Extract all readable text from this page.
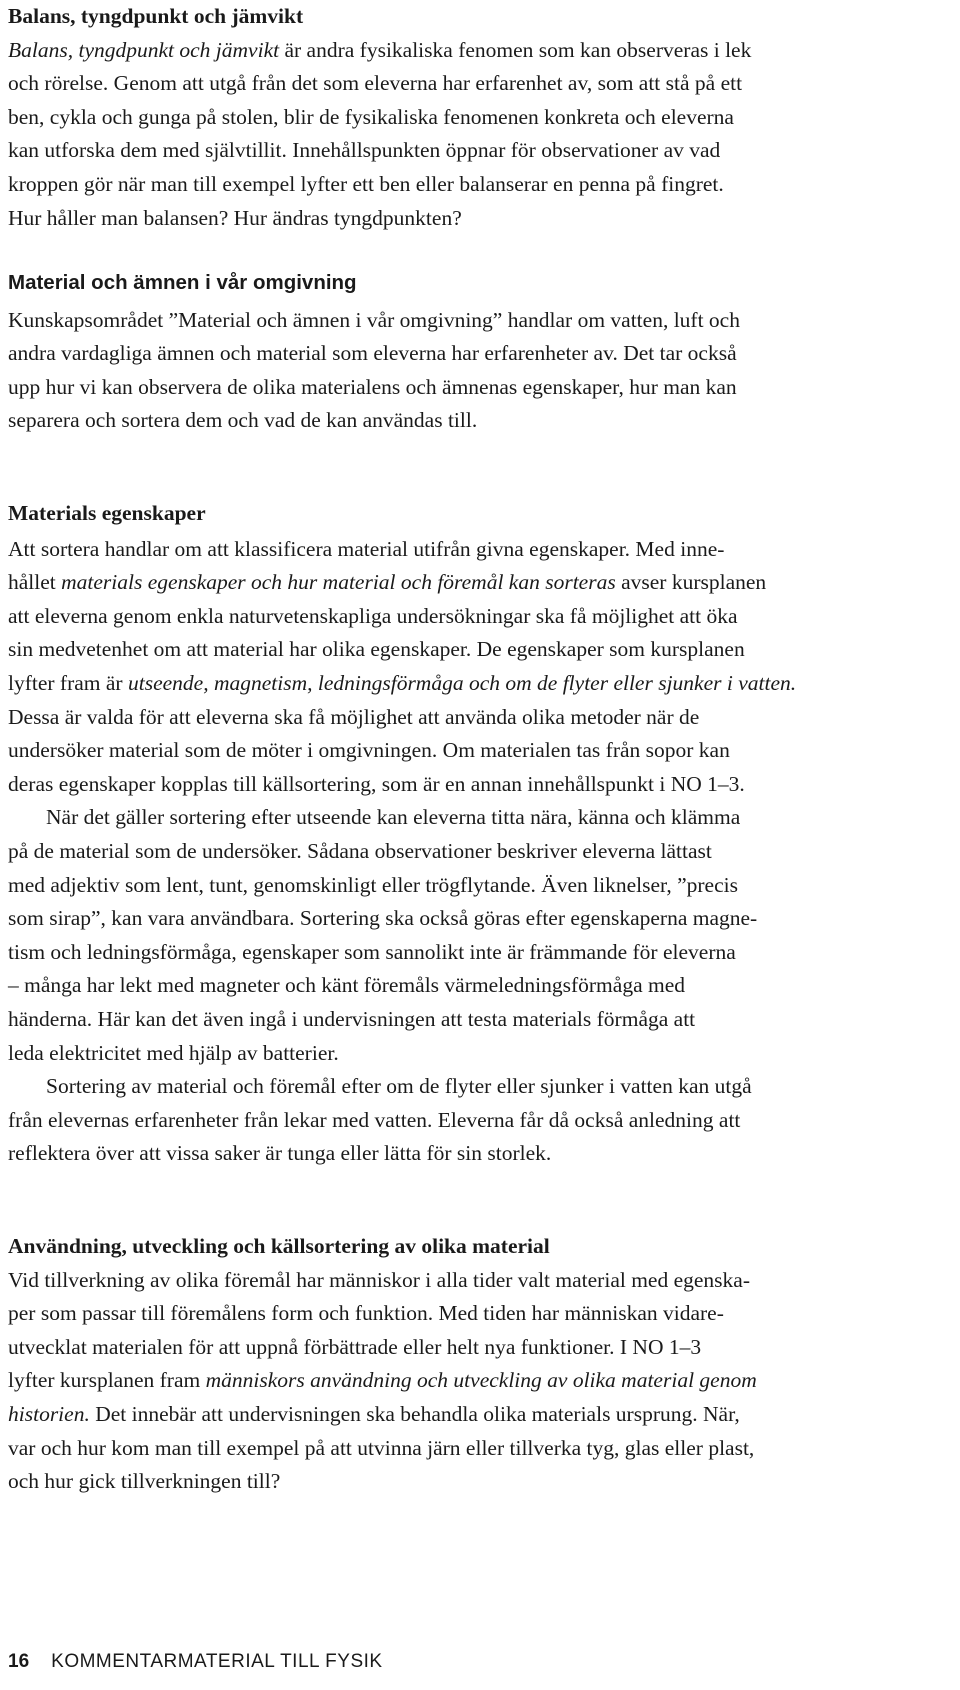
Balans, tyngdpunkt och jämvikt

Balans, tyngdpunkt och jämvikt är andra fysikaliska fenomen som kan observeras i lek
och rörelse. Genom att utgå från det som eleverna har erfarenhet av, som att stå på ett
ben, cykla och gunga på stolen, blir de fysikaliska fenomenen konkreta och eleverna
kan utforska dem med självtillit. Innehållspunkten öppnar för observationer av vad
kroppen gör när man till exempel lyfter ett ben eller balanserar en penna på fingret.
Hur håller man balansen? Hur ändras tyngdpunkten?

Material och ämnen i vår omgivning

Kunskapsområdet ”Material och ämnen i vår omgivning” handlar om vatten, luft och
andra vardagliga ämnen och material som eleverna har erfarenheter av. Det tar också
upp hur vi kan observera de olika materialens och ämnenas egenskaper, hur man kan
separera och sortera dem och vad de kan användas till.

Materials egenskaper

Att sortera handlar om att klassificera material utifrån givna egenskaper. Med inne-
hållet materials egenskaper och hur material och föremål kan sorteras avser kursplanen
att eleverna genom enkla naturvetenskapliga undersökningar ska få möjlighet att öka
sin medvetenhet om att material har olika egenskaper. De egenskaper som kursplanen
lyfter fram är utseende, magnetism, ledningsförmåga och om de flyter eller sjunker i vatten.
Dessa är valda för att eleverna ska få möjlighet att använda olika metoder när de
undersöker material som de möter i omgivningen. Om materialen tas från sopor kan
deras egenskaper kopplas till källsortering, som är en annan innehållspunkt i NO 1–3.

När det gäller sortering efter utseende kan eleverna titta nära, känna och klämma
på de material som de undersöker. Sådana observationer beskriver eleverna lättast
med adjektiv som lent, tunt, genomskinligt eller trögflytande. Även liknelser, ”precis
som sirap”, kan vara användbara. Sortering ska också göras efter egenskaperna magne-
tism och ledningsförmåga, egenskaper som sannolikt inte är främmande för eleverna
– många har lekt med magneter och känt föremåls värmeledningsförmåga med
händerna. Här kan det även ingå i undervisningen att testa materials förmåga att
leda elektricitet med hjälp av batterier.

Sortering av material och föremål efter om de flyter eller sjunker i vatten kan utgå
från elevernas erfarenheter från lekar med vatten. Eleverna får då också anledning att
reflektera över att vissa saker är tunga eller lätta för sin storlek.

Användning, utveckling och källsortering av olika material

Vid tillverkning av olika föremål har människor i alla tider valt material med egenska-
per som passar till föremålens form och funktion. Med tiden har människan vidare-
utvecklat materialen för att uppnå förbättrade eller helt nya funktioner. I NO 1–3
lyfter kursplanen fram människors användning och utveckling av olika material genom
historien. Det innebär att undervisningen ska behandla olika materials ursprung. När,
var och hur kom man till exempel på att utvinna järn eller tillverka tyg, glas eller plast,
och hur gick tillverkningen till?

16 KOMMENTARMATERIAL TILL FYSIK
